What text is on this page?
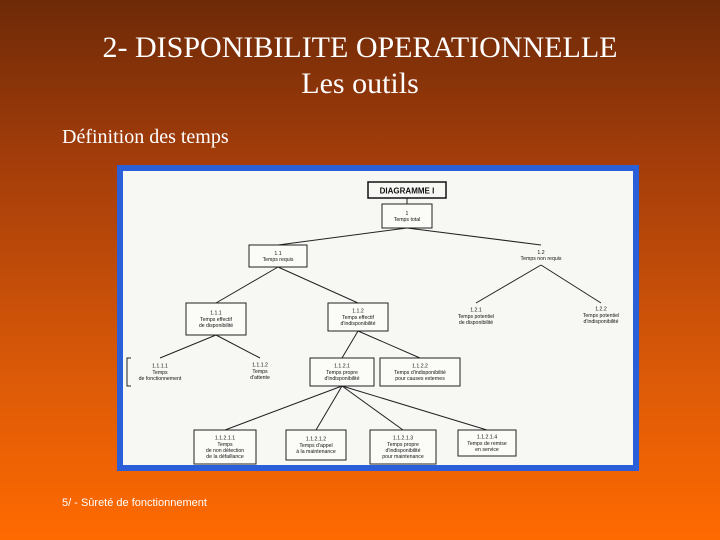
2- DISPONIBILITE OPERATIONNELLE
Les outils
Définition des temps
DIAGRAMME I
1
Temps total
1.1
Temps requis
1.2
Temps non requis
1.1.1
Temps effectif
de disponibilité
1.1.2
Temps effectif
d'indisponibilité
1.2.1
Temps potentiel
de disponibilité
1.2.2
Temps potentiel
d'indisponibilité
1.1.1.1
Temps
de fonctionnement
1.1.1.2
Temps
d'attente
1.1.2.1
Temps propre
d'indisponibilité
1.1.2.2
Temps d'indisponibilité
pour causes externes
1.1.2.1.1
Temps
de non détection
de la défaillance
1.1.2.1.2
Temps d'appel
à la maintenance
1.1.2.1.3
Temps propre
d'indisponibilité
pour maintenance
1.1.2.1.4
Temps de remise
en service
5/ - Sûreté de fonctionnement
